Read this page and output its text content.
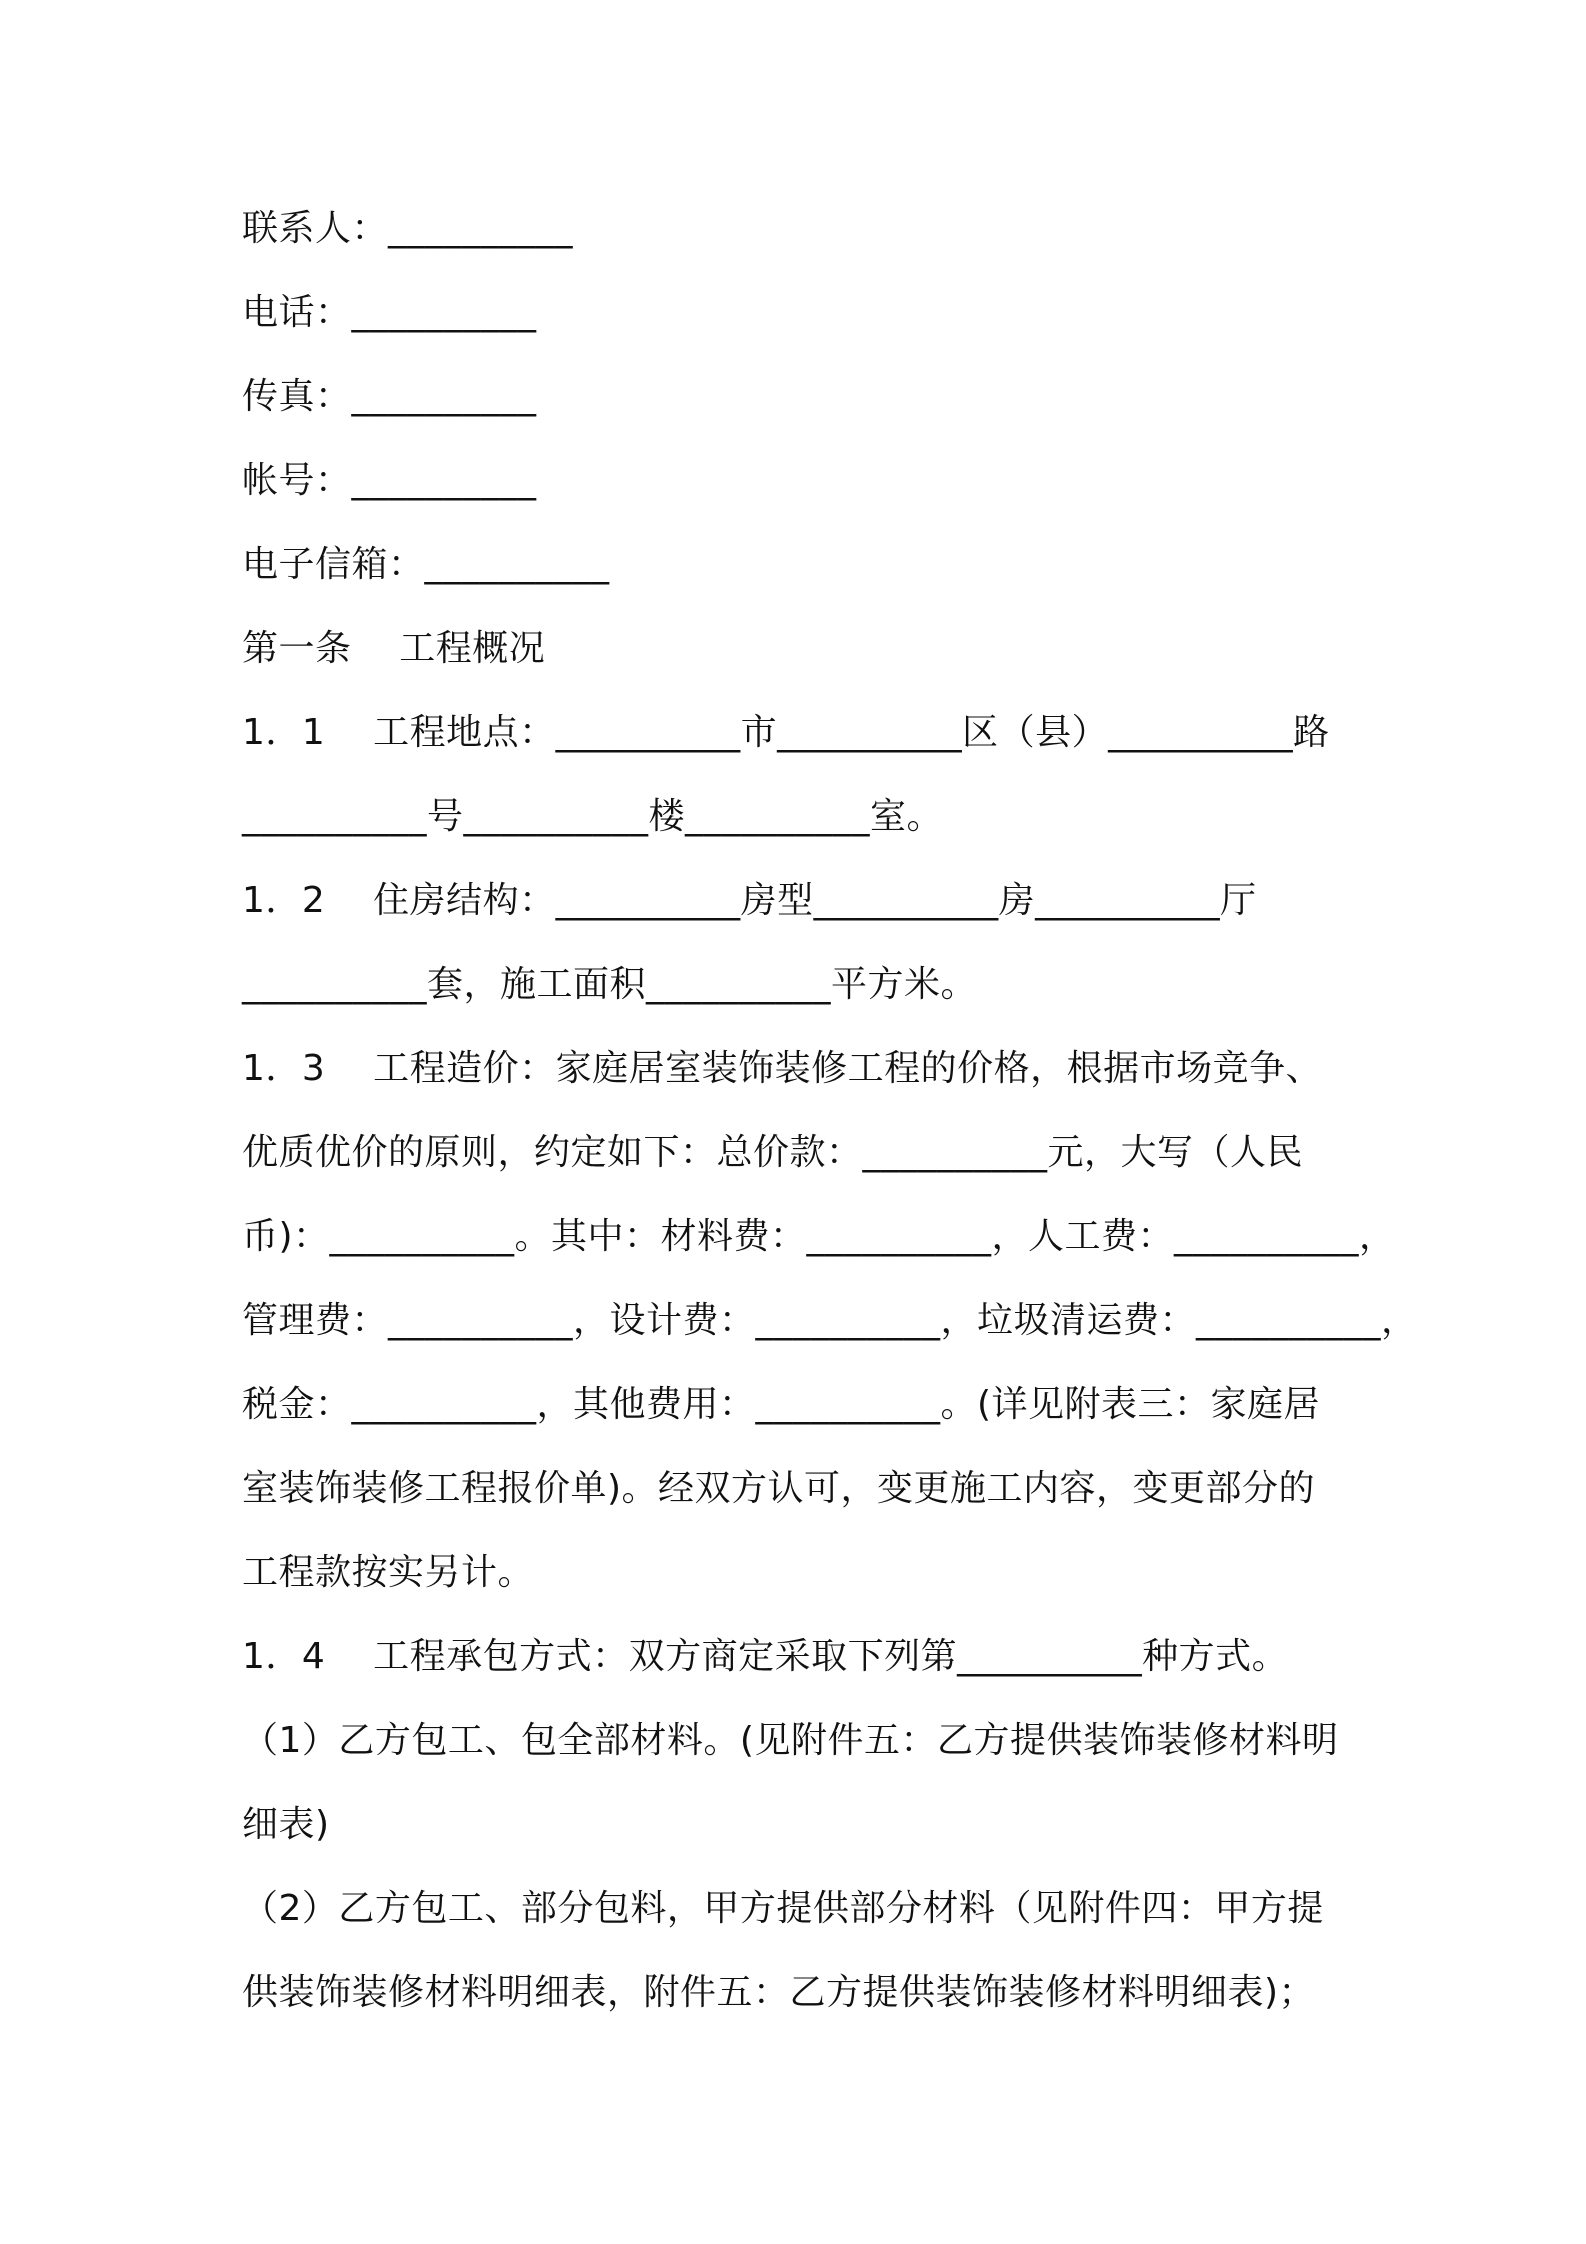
联系人：__________
电话：__________
传真：__________
帐号：__________
电子信箱：__________
第一条    工程概况
1．1    工程地点：__________市__________区（县）__________路
__________号__________楼__________室。
1．2    住房结构：__________房型__________房__________厅
__________套，施工面积__________平方米。
1．3    工程造价：家庭居室装饰装修工程的价格，根据市场竞争、
优质优价的原则，约定如下：总价款：__________元，大写（人民
币)：__________。其中：材料费：__________，人工费：__________，
管理费：__________，设计费：__________，垃圾清运费：__________，
税金：__________，其他费用：__________。(详见附表三：家庭居
室装饰装修工程报价单)。经双方认可，变更施工内容，变更部分的
工程款按实另计。
1．4    工程承包方式：双方商定采取下列第__________种方式。
（1）乙方包工、包全部材料。(见附件五：乙方提供装饰装修材料明
细表)
（2）乙方包工、部分包料，甲方提供部分材料（见附件四：甲方提
供装饰装修材料明细表，附件五：乙方提供装饰装修材料明细表)；
